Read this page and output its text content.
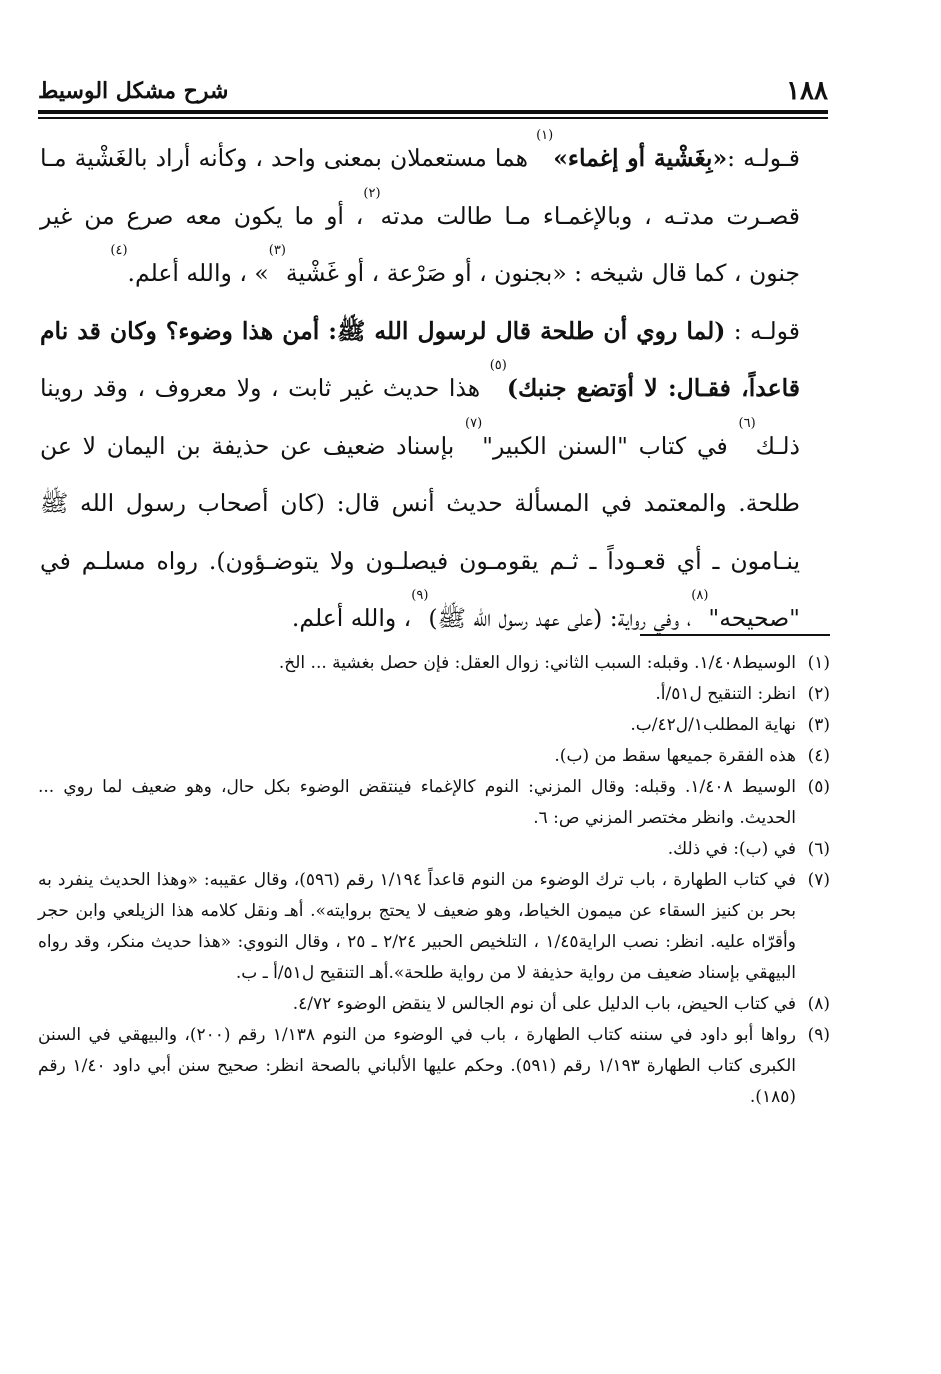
شرح مشكل الوسيط	١٨٨

قـولـه :«بِغَشْية أو إغماء»$^{(١)}$ هما مستعملان بمعنى واحد ، وكأنه أراد بالغَشْية مـا قصـرت مدتـه ، وبالإغمـاء مـا طالت مدته$^{(٢)}$، أو ما يكون معه صرع من غير جنون ، كما قال شيخه : «بجنون ، أو صَرْعة ، أو غَشْية$^{(٣)}$» ، والله أعلم.$^{(٤)}$

قولـه : (لما روي أن طلحة قال لرسول الله ﷺ: أمن هذا وضوء؟ وكان قد نام قاعداً، فقـال: لا أوَتضع جنبك)$^{(٥)}$ هذا حديث غير ثابت ، ولا معروف ، وقد روينا ذلـك$^{(٦)}$ في كتاب "السنن الكبير"$^{(٧)}$ بإسناد ضعيف عن حذيفة بن اليمان لا عن طلحة. والمعتمد في المسألة حديث أنس قال: (كان أصحاب رسول الله ﷺ ينـامون ـ أي قعـوداً ـ ثـم يقومـون فيصلـون ولا يتوضـؤون). رواه مسلـم في "صحيحه"$^{(٨)}$، وفي رواية: (على عهد رسول الله ﷺ)$^{(٩)}$، والله أعلم.

(١)
الوسيط١/٤٠٨. وقبله: السبب الثاني: زوال العقل: فإن حصل بغشية ... الخ.
(٢)
انظر: التنقيح ل٥١/أ.
(٣)
نهاية المطلب١/ل٤٢/ب.
(٤)
هذه الفقرة جميعها سقط من (ب).
(٥)
الوسيط ١/٤٠٨. وقبله: وقال المزني: النوم كالإغماء فينتقض الوضوء بكل حال، وهو ضعيف لما روي ... الحديث. وانظر مختصر المزني ص: ٦.
(٦)
في (ب): في ذلك.
(٧)
في كتاب الطهارة ، باب ترك الوضوء من النوم قاعداً ١/١٩٤ رقم (٥٩٦)، وقال عقيبه: «وهذا الحديث ينفرد به بحر بن كنيز السقاء عن ميمون الخياط، وهو ضعيف لا يحتج بروايته». أهـ ونقل كلامه هذا الزيلعي وابن حجر وأقرّاه عليه. انظر: نصب الراية١/٤٥ ، التلخيص الحبير ٢/٢٤ ـ ٢٥ ، وقال النووي: «هذا حديث منكر، وقد رواه البيهقي بإسناد ضعيف من رواية حذيفة لا من رواية طلحة».أهـ التنقيح ل٥١/أ ـ ب.
(٨)
في كتاب الحيض، باب الدليل على أن نوم الجالس لا ينقض الوضوء ٤/٧٢.
(٩)
رواها أبو داود في سننه كتاب الطهارة ، باب في الوضوء من النوم ١/١٣٨ رقم (٢٠٠)، والبيهقي في السنن الكبرى كتاب الطهارة ١/١٩٣ رقم (٥٩١). وحكم عليها الألباني بالصحة انظر: صحيح سنن أبي داود ١/٤٠ رقم (١٨٥).
